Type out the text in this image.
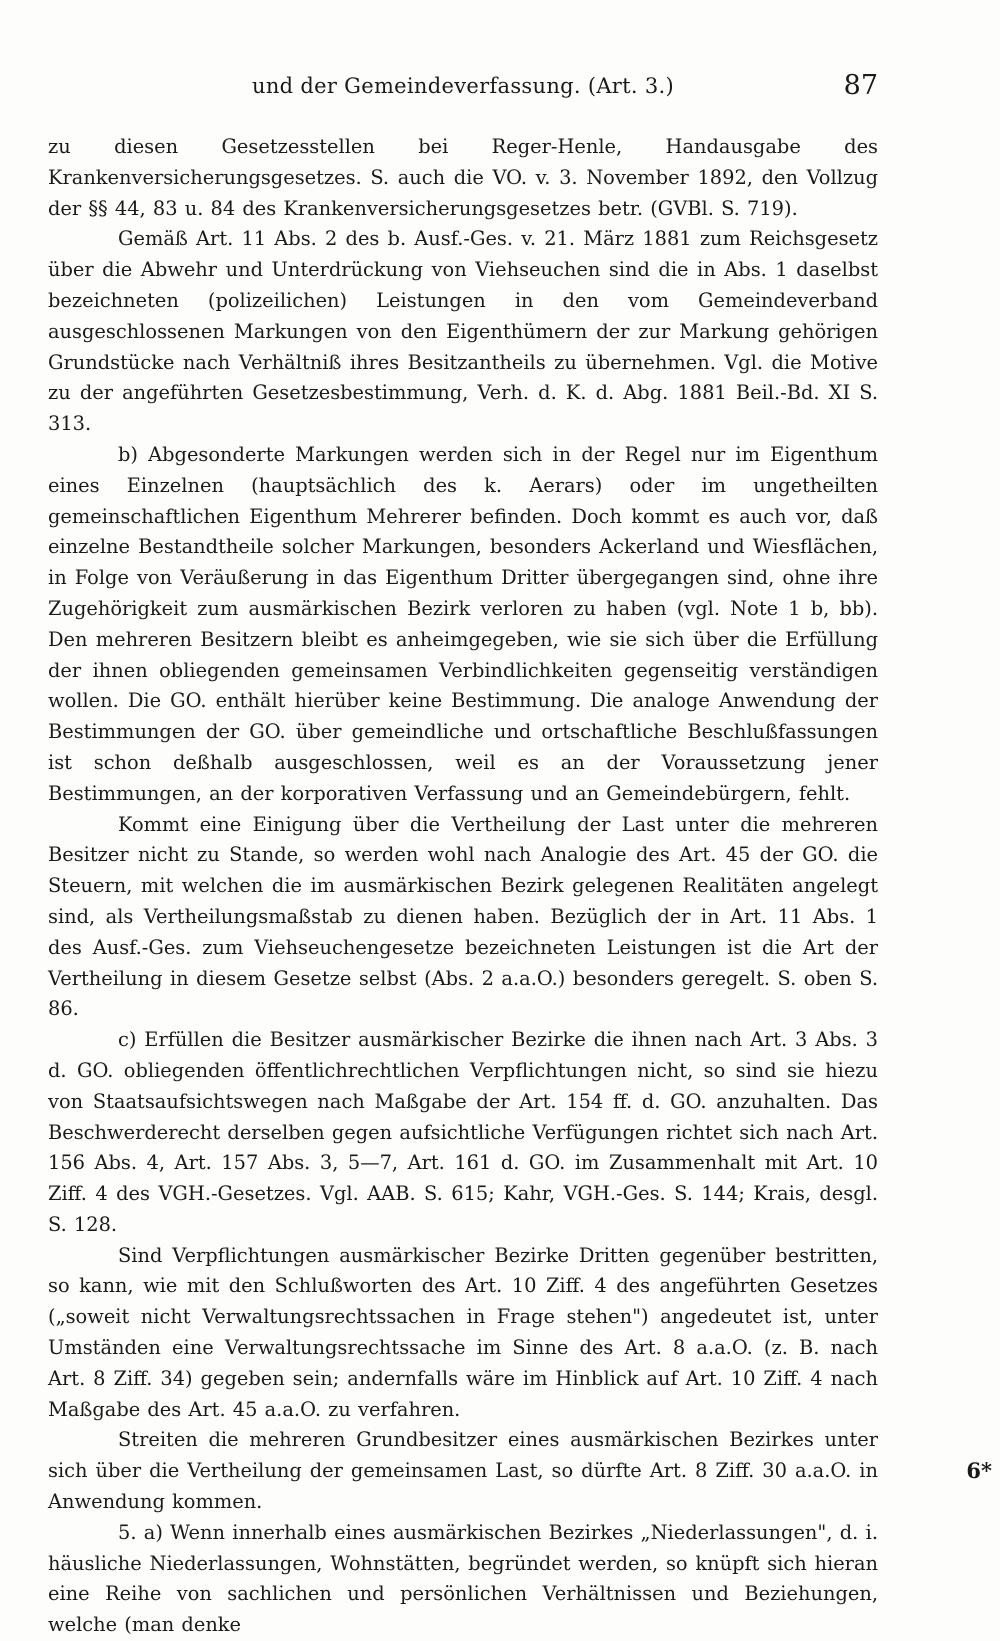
und der Gemeindeverfassung. (Art. 3.)	87

zu diesen Gesetzesstellen bei Reger-Henle, Handausgabe des Krankenversicherungsgesetzes. S. auch die VO. v. 3. November 1892, den Vollzug der §§ 44, 83 u. 84 des Krankenversicherungsgesetzes betr. (GVBl. S. 719).

Gemäß Art. 11 Abs. 2 des b. Ausf.-Ges. v. 21. März 1881 zum Reichsgesetz über die Abwehr und Unterdrückung von Viehseuchen sind die in Abs. 1 daselbst bezeichneten (polizeilichen) Leistungen in den vom Gemeindeverband ausgeschlossenen Markungen von den Eigenthümern der zur Markung gehörigen Grundstücke nach Verhältniß ihres Besitzantheils zu übernehmen. Vgl. die Motive zu der angeführten Gesetzesbestimmung, Verh. d. K. d. Abg. 1881 Beil.-Bd. XI S. 313.

b) Abgesonderte Markungen werden sich in der Regel nur im Eigenthum eines Einzelnen (hauptsächlich des k. Aerars) oder im ungetheilten gemeinschaftlichen Eigenthum Mehrerer befinden. Doch kommt es auch vor, daß einzelne Bestandtheile solcher Markungen, besonders Ackerland und Wiesflächen, in Folge von Veräußerung in das Eigenthum Dritter übergegangen sind, ohne ihre Zugehörigkeit zum ausmärkischen Bezirk verloren zu haben (vgl. Note 1 b, bb). Den mehreren Besitzern bleibt es anheimgegeben, wie sie sich über die Erfüllung der ihnen obliegenden gemeinsamen Verbindlichkeiten gegenseitig verständigen wollen. Die GO. enthält hierüber keine Bestimmung. Die analoge Anwendung der Bestimmungen der GO. über gemeindliche und ortschaftliche Beschlußfassungen ist schon deßhalb ausgeschlossen, weil es an der Voraussetzung jener Bestimmungen, an der korporativen Verfassung und an Gemeindebürgern, fehlt.

Kommt eine Einigung über die Vertheilung der Last unter die mehreren Besitzer nicht zu Stande, so werden wohl nach Analogie des Art. 45 der GO. die Steuern, mit welchen die im ausmärkischen Bezirk gelegenen Realitäten angelegt sind, als Vertheilungsmaßstab zu dienen haben. Bezüglich der in Art. 11 Abs. 1 des Ausf.-Ges. zum Viehseuchengesetze bezeichneten Leistungen ist die Art der Vertheilung in diesem Gesetze selbst (Abs. 2 a.a.O.) besonders geregelt. S. oben S. 86.

c) Erfüllen die Besitzer ausmärkischer Bezirke die ihnen nach Art. 3 Abs. 3 d. GO. obliegenden öffentlichrechtlichen Verpflichtungen nicht, so sind sie hiezu von Staatsaufsichtswegen nach Maßgabe der Art. 154 ff. d. GO. anzuhalten. Das Beschwerderecht derselben gegen aufsichtliche Verfügungen richtet sich nach Art. 156 Abs. 4, Art. 157 Abs. 3, 5—7, Art. 161 d. GO. im Zusammenhalt mit Art. 10 Ziff. 4 des VGH.-Gesetzes. Vgl. AAB. S. 615; Kahr, VGH.-Ges. S. 144; Krais, desgl. S. 128.

Sind Verpflichtungen ausmärkischer Bezirke Dritten gegenüber bestritten, so kann, wie mit den Schlußworten des Art. 10 Ziff. 4 des angeführten Gesetzes („soweit nicht Verwaltungsrechtssachen in Frage stehen") angedeutet ist, unter Umständen eine Verwaltungsrechtssache im Sinne des Art. 8 a.a.O. (z. B. nach Art. 8 Ziff. 34) gegeben sein; andernfalls wäre im Hinblick auf Art. 10 Ziff. 4 nach Maßgabe des Art. 45 a.a.O. zu verfahren.

Streiten die mehreren Grundbesitzer eines ausmärkischen Bezirkes unter sich über die Vertheilung der gemeinsamen Last, so dürfte Art. 8 Ziff. 30 a.a.O. in Anwendung kommen.

5. a) Wenn innerhalb eines ausmärkischen Bezirkes „Niederlassungen", d. i. häusliche Niederlassungen, Wohnstätten, begründet werden, so knüpft sich hieran eine Reihe von sachlichen und persönlichen Verhältnissen und Beziehungen, welche (man denke

6*
